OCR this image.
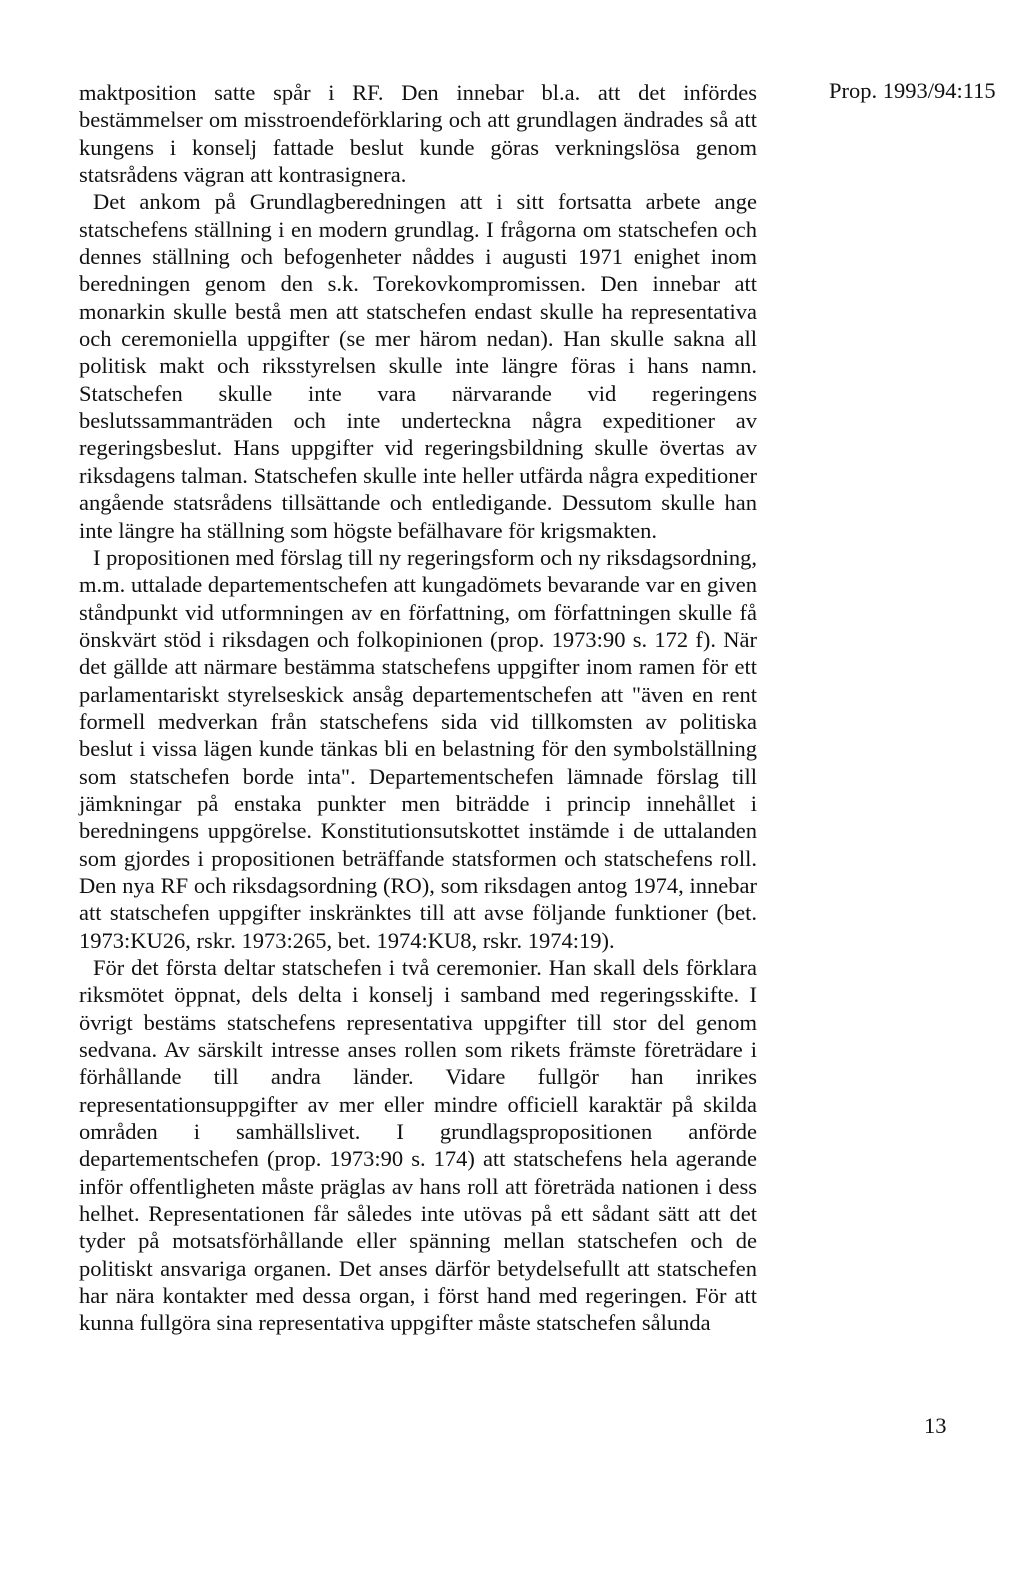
Prop. 1993/94:115

maktposition satte spår i RF. Den innebar bl.a. att det infördes bestämmelser om misstroendeförklaring och att grundlagen ändrades så att kungens i konselj fattade beslut kunde göras verkningslösa genom statsrådens vägran att kontrasignera.

Det ankom på Grundlagberedningen att i sitt fortsatta arbete ange statschefens ställning i en modern grundlag. I frågorna om statschefen och dennes ställning och befogenheter nåddes i augusti 1971 enighet inom beredningen genom den s.k. Torekovkompromissen. Den innebar att monarkin skulle bestå men att statschefen endast skulle ha representativa och ceremoniella uppgifter (se mer härom nedan). Han skulle sakna all politisk makt och riksstyrelsen skulle inte längre föras i hans namn. Statschefen skulle inte vara närvarande vid regeringens beslutssammanträden och inte underteckna några expeditioner av regeringsbeslut. Hans uppgifter vid regeringsbildning skulle övertas av riksdagens talman. Statschefen skulle inte heller utfärda några expeditioner angående statsrådens tillsättande och entledigande. Dessutom skulle han inte längre ha ställning som högste befälhavare för krigsmakten.

I propositionen med förslag till ny regeringsform och ny riksdagsordning, m.m. uttalade departementschefen att kungadömets bevarande var en given ståndpunkt vid utformningen av en författning, om författningen skulle få önskvärt stöd i riksdagen och folkopinionen (prop. 1973:90 s. 172 f). När det gällde att närmare bestämma statschefens uppgifter inom ramen för ett parlamentariskt styrelseskick ansåg departementschefen att "även en rent formell medverkan från statschefens sida vid tillkomsten av politiska beslut i vissa lägen kunde tänkas bli en belastning för den symbolställning som statschefen borde inta". Departementschefen lämnade förslag till jämkningar på enstaka punkter men biträdde i princip innehållet i beredningens uppgörelse. Konstitutionsutskottet instämde i de uttalanden som gjordes i propositionen beträffande statsformen och statschefens roll. Den nya RF och riksdagsordning (RO), som riksdagen antog 1974, innebar att statschefen uppgifter inskränktes till att avse följande funktioner (bet. 1973:KU26, rskr. 1973:265, bet. 1974:KU8, rskr. 1974:19).

För det första deltar statschefen i två ceremonier. Han skall dels förklara riksmötet öppnat, dels delta i konselj i samband med regeringsskifte. I övrigt bestäms statschefens representativa uppgifter till stor del genom sedvana. Av särskilt intresse anses rollen som rikets främste företrädare i förhållande till andra länder. Vidare fullgör han inrikes representationsuppgifter av mer eller mindre officiell karaktär på skilda områden i samhällslivet. I grundlagspropositionen anförde departementschefen (prop. 1973:90 s. 174) att statschefens hela agerande inför offentligheten måste präglas av hans roll att företräda nationen i dess helhet. Representationen får således inte utövas på ett sådant sätt att det tyder på motsatsförhållande eller spänning mellan statschefen och de politiskt ansvariga organen. Det anses därför betydelsefullt att statschefen har nära kontakter med dessa organ, i först hand med regeringen. För att kunna fullgöra sina representativa uppgifter måste statschefen sålunda

13
